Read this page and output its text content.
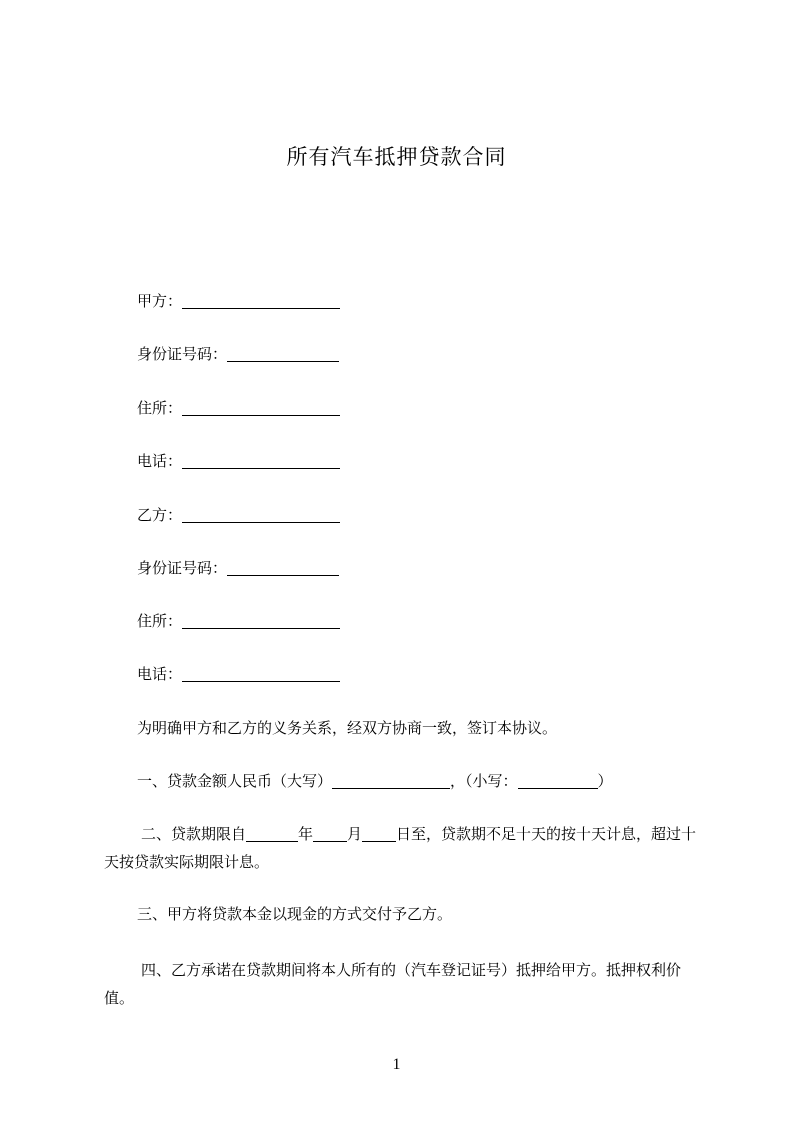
所有汽车抵押贷款合同
甲方：
身份证号码：
住所：
电话：
乙方：
身份证号码：
住所：
电话：
为明确甲方和乙方的义务关系，经双方协商一致，签订本协议。
一、贷款金额人民币（大写）	，（小写：	）
二、贷款期限自	年 月 日至，贷款期不足十天的按十天计息，超过十天按贷款实际期限计息。
三、甲方将贷款本金以现金的方式交付予乙方。
四、乙方承诺在贷款期间将本人所有的（汽车登记证号）抵押给甲方。抵押权利价值。
1
